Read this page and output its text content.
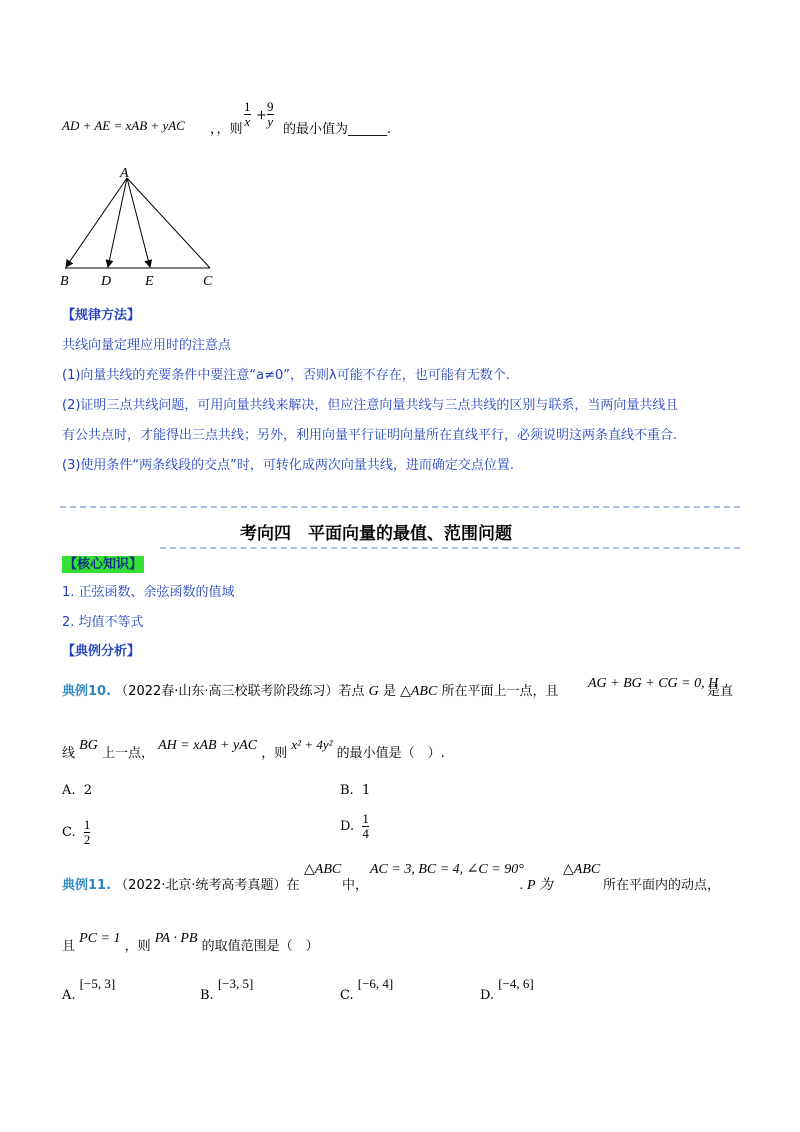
AD + AE = xAB + yAC ，，则
1
x +
9
y
的最小值为______.
A
B D E	C
【规律方法】
共线向量定理应用时的注意点
(1)向量共线的充要条件中要注意“a≠0”，否则λ可能不存在，也可能有无数个.
(2)证明三点共线问题，可用向量共线来解决，但应注意向量共线与三点共线的区别与联系，当两向量共线且
有公共点时，才能得出三点共线；另外，利用向量平行证明向量所在直线平行，必须说明这两条直线不重合.
(3)使用条件“两条线段的交点”时，可转化成两次向量共线，进而确定交点位置.
考向四　平面向量的最值、范围问题
【核心知识】
1. 正弦函数、余弦函数的值域
2. 均值不等式
【典例分析】
典例10. （2022春·山东·高三校联考阶段练习）若点 G 是 △ABC 所在平面上一点，且
AG + BG + CG = 0, H
是直
线 BG 上一点， AH = xAB + yAC ，则 x² + 4y² 的最小值是（　）.
A. 2	B. 1
C. $\frac{1}{2}$	D. $\frac{1}{4}$
典例11. （2022·北京·统考高考真题）在
△ABC
中，
AC = 3, BC = 4, ∠C = 90°
. P 为
△ABC
所在平面内的动点，
且 PC = 1 ，则 PA · PB 的取值范围是（　）
A. [−5, 3]
B. [−3, 5]
C. [−6, 4]
D. [−4, 6]
